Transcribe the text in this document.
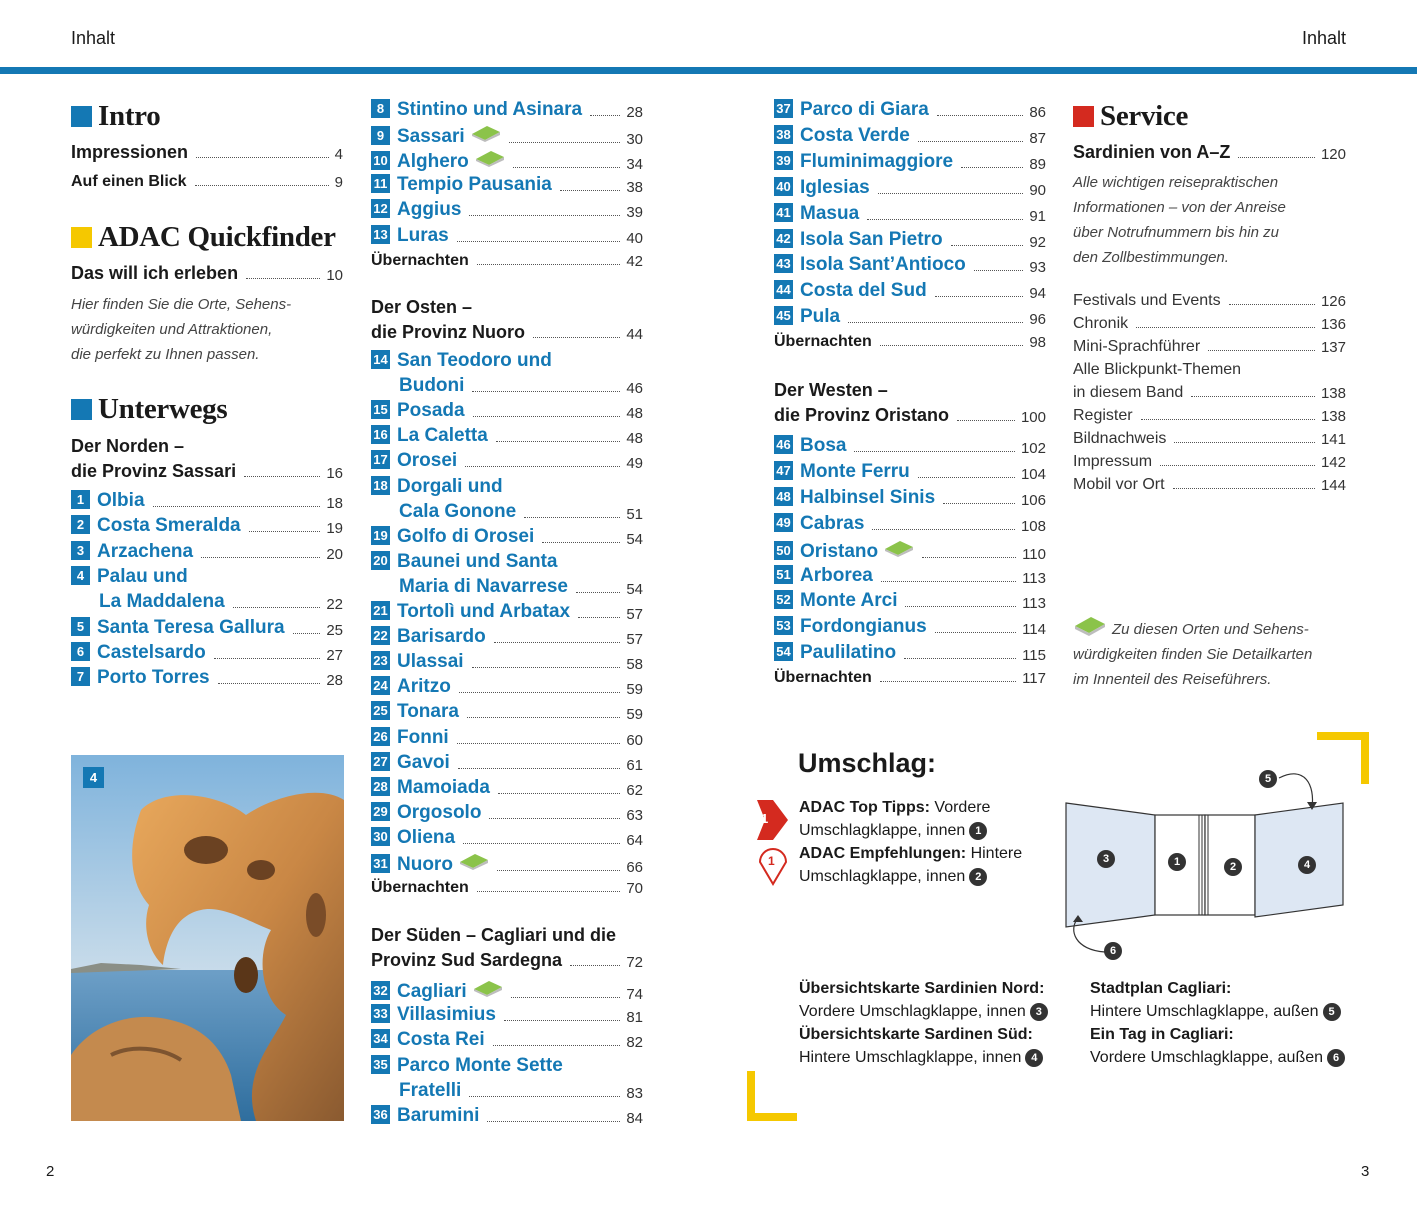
Inhalt	Inhalt
2	3
Intro
Impressionen	4
Auf einen Blick	9
ADAC Quickfinder
Das will ich erleben	10
Hier finden Sie die Orte, Sehens-
würdigkeiten und Attraktionen,
die perfekt zu Ihnen passen.
Unterwegs
Der Norden –
die Provinz Sassari	16
1 Olbia	18
2 Costa Smeralda	19
3 Arzachena	20
4 Palau und
La Maddalena	22
5 Santa Teresa Gallura	25
6 Castelsardo	27
7 Porto Torres	28
4
8 Stintino und Asinara	28
9 Sassari	30
10 Alghero	34
11 Tempio Pausania	38
12 Aggius	39
13 Luras	40
Übernachten	42
Der Osten –
die Provinz Nuoro	44
14 San Teodoro und
Budoni	46
15 Posada	48
16 La Caletta	48
17 Orosei	49
18 Dorgali und
Cala Gonone	51
19 Golfo di Orosei	54
20 Baunei und Santa
Maria di Navarrese	54
21 Tortolì und Arbatax	57
22 Barisardo	57
23 Ulassai	58
24 Aritzo	59
25 Tonara	59
26 Fonni	60
27 Gavoi	61
28 Mamoiada	62
29 Orgosolo	63
30 Oliena	64
31 Nuoro	66
Übernachten	70
Der Süden – Cagliari und die
Provinz Sud Sardegna	72
32 Cagliari	74
33 Villasimius	81
34 Costa Rei	82
35 Parco Monte Sette
Fratelli	83
36 Barumini	84
37 Parco di Giara	86
38 Costa Verde	87
39 Fluminimaggiore	89
40 Iglesias	90
41 Masua	91
42 Isola San Pietro	92
43 Isola Sant’Antioco	93
44 Costa del Sud	94
45 Pula	96
Übernachten	98
Der Westen –
die Provinz Oristano	100
46 Bosa	102
47 Monte Ferru	104
48 Halbinsel Sinis	106
49 Cabras	108
50 Oristano	110
51 Arborea	113
52 Monte Arci	113
53 Fordongianus	114
54 Paulilatino	115
Übernachten	117
Service
Sardinien von A–Z	120
Alle wichtigen reisepraktischen
Informationen – von der Anreise
über Notrufnummern bis hin zu
den Zollbestimmungen.
Festivals und Events	126
Chronik	136
Mini-Sprachführer	137
Alle Blickpunkt-Themen
in diesem Band	138
Register	138
Bildnachweis	141
Impressum	142
Mobil vor Ort	144
Zu diesen Orten und Sehens-
würdigkeiten finden Sie Detailkarten
im Innenteil des Reiseführers.
Umschlag:
1
ADAC Top Tipps: Vordere
Umschlagklappe, innen 1
1 ADAC Empfehlungen: Hintere
Umschlagklappe, innen 2
3	1	2	4
5
6
Übersichtskarte Sardinien Nord:
Vordere Umschlagklappe, innen 3
Übersichtskarte Sardinen Süd:
Hintere Umschlagklappe, innen 4
Stadtplan Cagliari:
Hintere Umschlagklappe, außen 5
Ein Tag in Cagliari:
Vordere Umschlagklappe, außen 6
